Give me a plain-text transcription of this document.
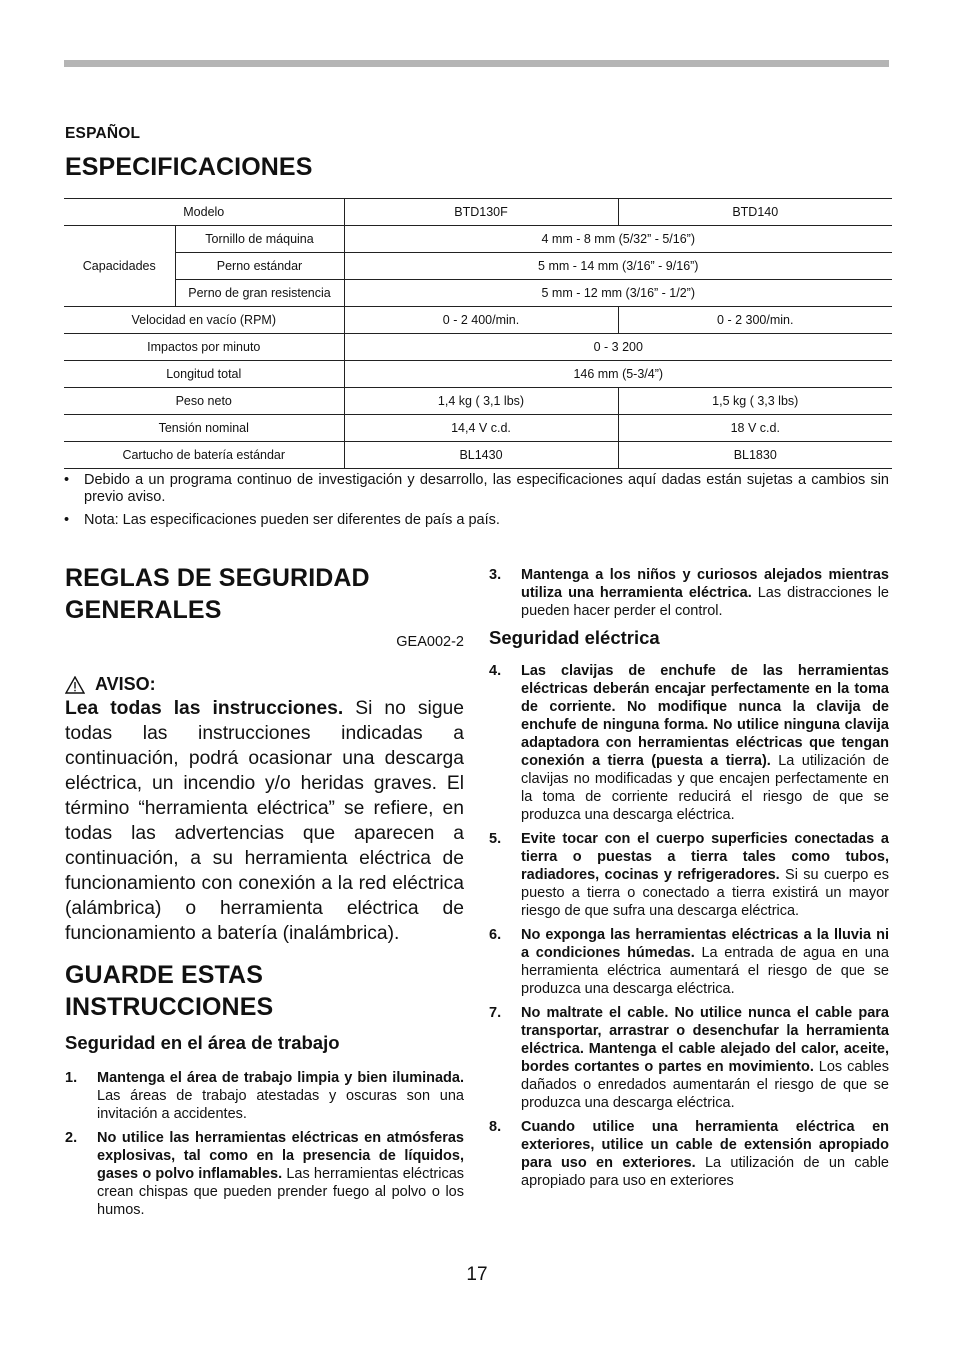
ESPAÑOL
ESPECIFICACIONES
Modelo		BTD130F	BTD140
Capacidades	Tornillo de máquina	4 mm - 8 mm (5/32” - 5/16”)	
	Perno estándar	5 mm - 14 mm (3/16” - 9/16”)	
	Perno de gran resistencia	5 mm - 12 mm (3/16” - 1/2”)	
Velocidad en vacío (RPM)		0 - 2 400/min.	0 - 2 300/min.
Impactos por minuto		0 - 3 200	
Longitud total		146 mm (5-3/4”)	
Peso neto		1,4 kg ( 3,1 lbs)	1,5 kg ( 3,3 lbs)
Tensión nominal		14,4 V c.d.	18 V c.d.
Cartucho de batería estándar		BL1430	BL1830
• Debido a un programa continuo de investigación y desarrollo, las especificaciones aquí dadas están sujetas a cambios sin previo aviso.
• Nota: Las especificaciones pueden ser diferentes de país a país.
REGLAS DE SEGURIDAD
GENERALES
GEA002-2
AVISO:
Lea todas las instrucciones. Si no sigue todas las instrucciones indicadas a continuación, podrá ocasionar una descarga eléctrica, un incendio y/o heridas graves. El término “herramienta eléctrica” se refiere, en todas las advertencias que aparecen a continuación, a su herramienta eléctrica de funcionamiento con conexión a la red eléctrica (alámbrica) o herramienta eléctrica de funcionamiento a batería (inalámbrica).
GUARDE ESTAS
INSTRUCCIONES
Seguridad en el área de trabajo
1. Mantenga el área de trabajo limpia y bien iluminada. Las áreas de trabajo atestadas y oscuras son una invitación a accidentes.
2. No utilice las herramientas eléctricas en atmósferas explosivas, tal como en la presencia de líquidos, gases o polvo inflamables. Las herramientas eléctricas crean chispas que pueden prender fuego al polvo o los humos.
3. Mantenga a los niños y curiosos alejados mientras utiliza una herramienta eléctrica. Las distracciones le pueden hacer perder el control.
Seguridad eléctrica
4. Las clavijas de enchufe de las herramientas eléctricas deberán encajar perfectamente en la toma de corriente. No modifique nunca la clavija de enchufe de ninguna forma. No utilice ninguna clavija adaptadora con herramientas eléctricas que tengan conexión a tierra (puesta a tierra). La utilización de clavijas no modificadas y que encajen perfectamente en la toma de corriente reducirá el riesgo de que se produzca una descarga eléctrica.
5. Evite tocar con el cuerpo superficies conectadas a tierra o puestas a tierra tales como tubos, radiadores, cocinas y refrigeradores. Si su cuerpo es puesto a tierra o conectado a tierra existirá un mayor riesgo de que sufra una descarga eléctrica.
6. No exponga las herramientas eléctricas a la lluvia ni a condiciones húmedas. La entrada de agua en una herramienta eléctrica aumentará el riesgo de que se produzca una descarga eléctrica.
7. No maltrate el cable. No utilice nunca el cable para transportar, arrastrar o desenchufar la herramienta eléctrica. Mantenga el cable alejado del calor, aceite, bordes cortantes o partes en movimiento. Los cables dañados o enredados aumentarán el riesgo de que se produzca una descarga eléctrica.
8. Cuando utilice una herramienta eléctrica en exteriores, utilice un cable de extensión apropiado para uso en exteriores. La utilización de un cable apropiado para uso en exteriores
17
